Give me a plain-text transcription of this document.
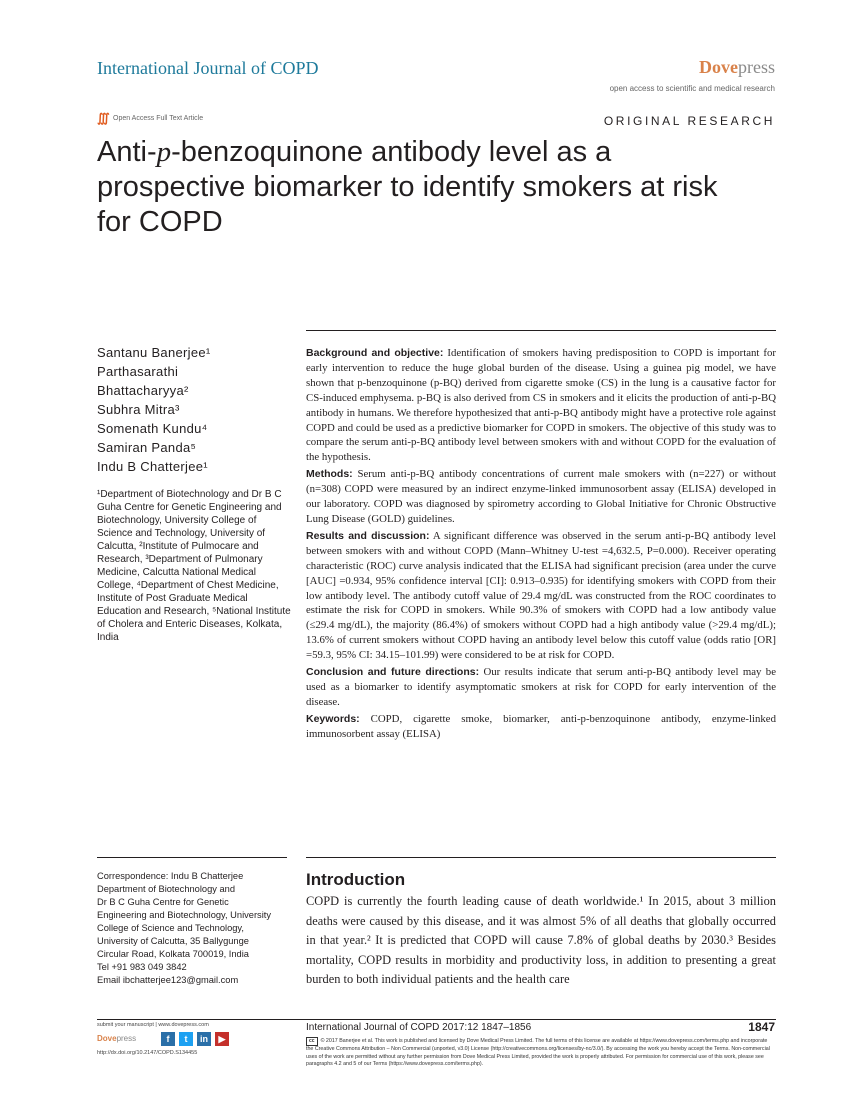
International Journal of COPD	Dovepress
open access to scientific and medical research
∭ Open Access Full Text Article	ORIGINAL RESEARCH
Anti-p-benzoquinone antibody level as a prospective biomarker to identify smokers at risk for COPD
Santanu Banerjee¹
Parthasarathi
Bhattacharyya²
Subhra Mitra³
Somenath Kundu⁴
Samiran Panda⁵
Indu B Chatterjee¹
¹Department of Biotechnology and Dr B C Guha Centre for Genetic Engineering and Biotechnology, University College of Science and Technology, University of Calcutta, ²Institute of Pulmocare and Research, ³Department of Pulmonary Medicine, Calcutta National Medical College, ⁴Department of Chest Medicine, Institute of Post Graduate Medical Education and Research, ⁵National Institute of Cholera and Enteric Diseases, Kolkata, India

Background and objective: Identification of smokers having predisposition to COPD is important for early intervention to reduce the huge global burden of the disease. Using a guinea pig model, we have shown that p-benzoquinone (p-BQ) derived from cigarette smoke (CS) in the lung is a causative factor for CS-induced emphysema. p-BQ is also derived from CS in smokers and it elicits the production of anti-p-BQ antibody in humans. We therefore hypothesized that anti-p-BQ antibody might have a protective role against COPD and could be used as a predictive biomarker for COPD in smokers. The objective of this study was to compare the serum anti-p-BQ antibody level between smokers with and without COPD for the evaluation of the hypothesis.

Methods: Serum anti-p-BQ antibody concentrations of current male smokers with (n=227) or without (n=308) COPD were measured by an indirect enzyme-linked immunosorbent assay (ELISA) developed in our laboratory. COPD was diagnosed by spirometry according to Global Initiative for Chronic Obstructive Lung Disease (GOLD) guidelines.

Results and discussion: A significant difference was observed in the serum anti-p-BQ antibody level between smokers with and without COPD (Mann–Whitney U-test =4,632.5, P=0.000). Receiver operating characteristic (ROC) curve analysis indicated that the ELISA had significant precision (area under the curve [AUC] =0.934, 95% confidence interval [CI]: 0.913–0.935) for identifying smokers with COPD from their low antibody level. The antibody cutoff value of 29.4 mg/dL was constructed from the ROC coordinates to estimate the risk for COPD in smokers. While 90.3% of smokers with COPD had a low antibody value (≤29.4 mg/dL), the majority (86.4%) of smokers without COPD had a high antibody value (>29.4 mg/dL); 13.6% of current smokers without COPD having an antibody level below this cutoff value (odds ratio [OR] =59.3, 95% CI: 34.15–101.99) were considered to be at risk for COPD.

Conclusion and future directions: Our results indicate that serum anti-p-BQ antibody level may be used as a biomarker to identify asymptomatic smokers at risk for COPD for early intervention of the disease.

Keywords: COPD, cigarette smoke, biomarker, anti-p-benzoquinone antibody, enzyme-linked immunosorbent assay (ELISA)

Correspondence: Indu B Chatterjee
Department of Biotechnology and
Dr B C Guha Centre for Genetic
Engineering and Biotechnology, University
College of Science and Technology,
University of Calcutta, 35 Ballygunge
Circular Road, Kolkata 700019, India
Tel +91 983 049 3842
Email ibchatterjee123@gmail.com
Introduction
COPD is currently the fourth leading cause of death worldwide.¹ In 2015, about 3 million deaths were caused by this disease, and it was almost 5% of all deaths that globally occurred in that year.² It is predicted that COPD will cause 7.8% of global deaths by 2030.³ Besides mortality, COPD results in morbidity and productivity loss, in addition to presenting a great burden to both individual patients and the health care
submit your manuscript | www.dovepress.com
Dovepress	f	t	in	▶
http://dx.doi.org/10.2147/COPD.S134455
International Journal of COPD 2017:12 1847–1856	1847
cc © 2017 Banerjee et al. This work is published and licensed by Dove Medical Press Limited. The full terms of this license are available at https://www.dovepress.com/terms.php and incorporate the Creative Commons Attribution – Non Commercial (unported, v3.0) License (http://creativecommons.org/licenses/by-nc/3.0/). By accessing the work you hereby accept the Terms. Non-commercial uses of the work are permitted without any further permission from Dove Medical Press Limited, provided the work is properly attributed. For permission for commercial use of this work, please see paragraphs 4.2 and 5 of our Terms (https://www.dovepress.com/terms.php).
